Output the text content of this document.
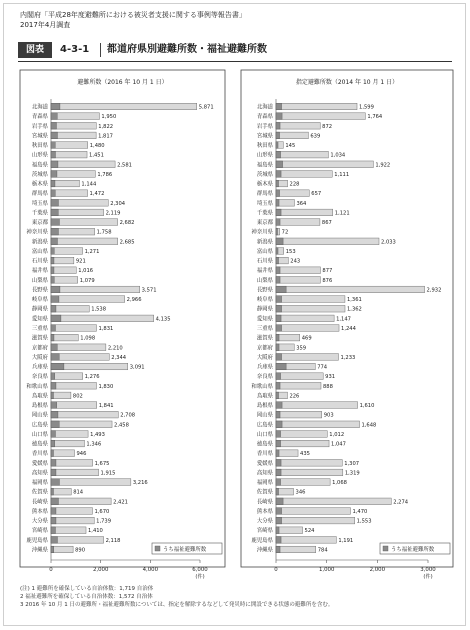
内閣府「平成28年度避難所における被災者支援に関する事例等報告書」
2017年4月調査
図表	4-3-1 都道府県別避難所数・福祉避難所数
避難所数（2016 年 10 月 1 日）
北海道	5,871
青森県	1,950
岩手県	1,822
宮城県	1,817
秋田県	1,480
山形県	1,451
福島県	2,581
茨城県	1,786
栃木県	1,144
群馬県	1,472
埼玉県	2,304
千葉県	2,119
東京都	2,682
神奈川県	1,758
新潟県	2,685
富山県	1,271
石川県	921
福井県	1,016
山梨県	1,079
長野県	3,571
岐阜県	2,966
静岡県	1,538
愛知県	4,135
三重県	1,831
滋賀県	1,098
京都府	2,210
大阪府	2,344
兵庫県	3,091
奈良県	1,276
和歌山県	1,830
鳥取県	802
島根県	1,841
岡山県	2,708
広島県	2,458
山口県	1,493
徳島県	1,346
香川県	946
愛媛県	1,675
高知県	1,915
福岡県	3,216
佐賀県	814
長崎県	2,421
熊本県	1,670
大分県	1,739
宮崎県	1,410
鹿児島県	2,118
沖縄県	890
0	2,000	4,000	6,000
(件)
うち福祉避難所数
指定避難所数（2014 年 10 月 1 日）
北海道	1,599
青森県	1,764
岩手県	872
宮城県	639
秋田県 145
山形県	1,034
福島県	1,922
茨城県	1,111
栃木県	228
群馬県	657
埼玉県	364
千葉県	1,121
東京都	867
神奈川県 72
新潟県	2,033
富山県 153
石川県	243
福井県	877
山梨県	876
長野県	2,932
岐阜県	1,361
静岡県	1,362
愛知県	1,147
三重県	1,244
滋賀県	469
京都府	359
大阪府	1,233
兵庫県	774
奈良県	931
和歌山県	888
鳥取県	226
島根県	1,610
岡山県	903
広島県	1,648
山口県	1,012
徳島県	1,047
香川県	435
愛媛県	1,307
高知県	1,319
福岡県	1,068
佐賀県	346
長崎県	2,274
熊本県	1,470
大分県	1,553
宮崎県	524
鹿児島県	1,191
沖縄県	784
0	1,000	2,000	3,000
(件)
うち福祉避難所数
(注) 1 避難所を確保している自治体数：1,719 自治体
2 福祉避難所を確保している自治体数：1,572 自治体
3 2016 年 10 月 1 日の避難所・福祉避難所数については、指定を解除するなどして発災時に開設できる状態の避難所を含む。
